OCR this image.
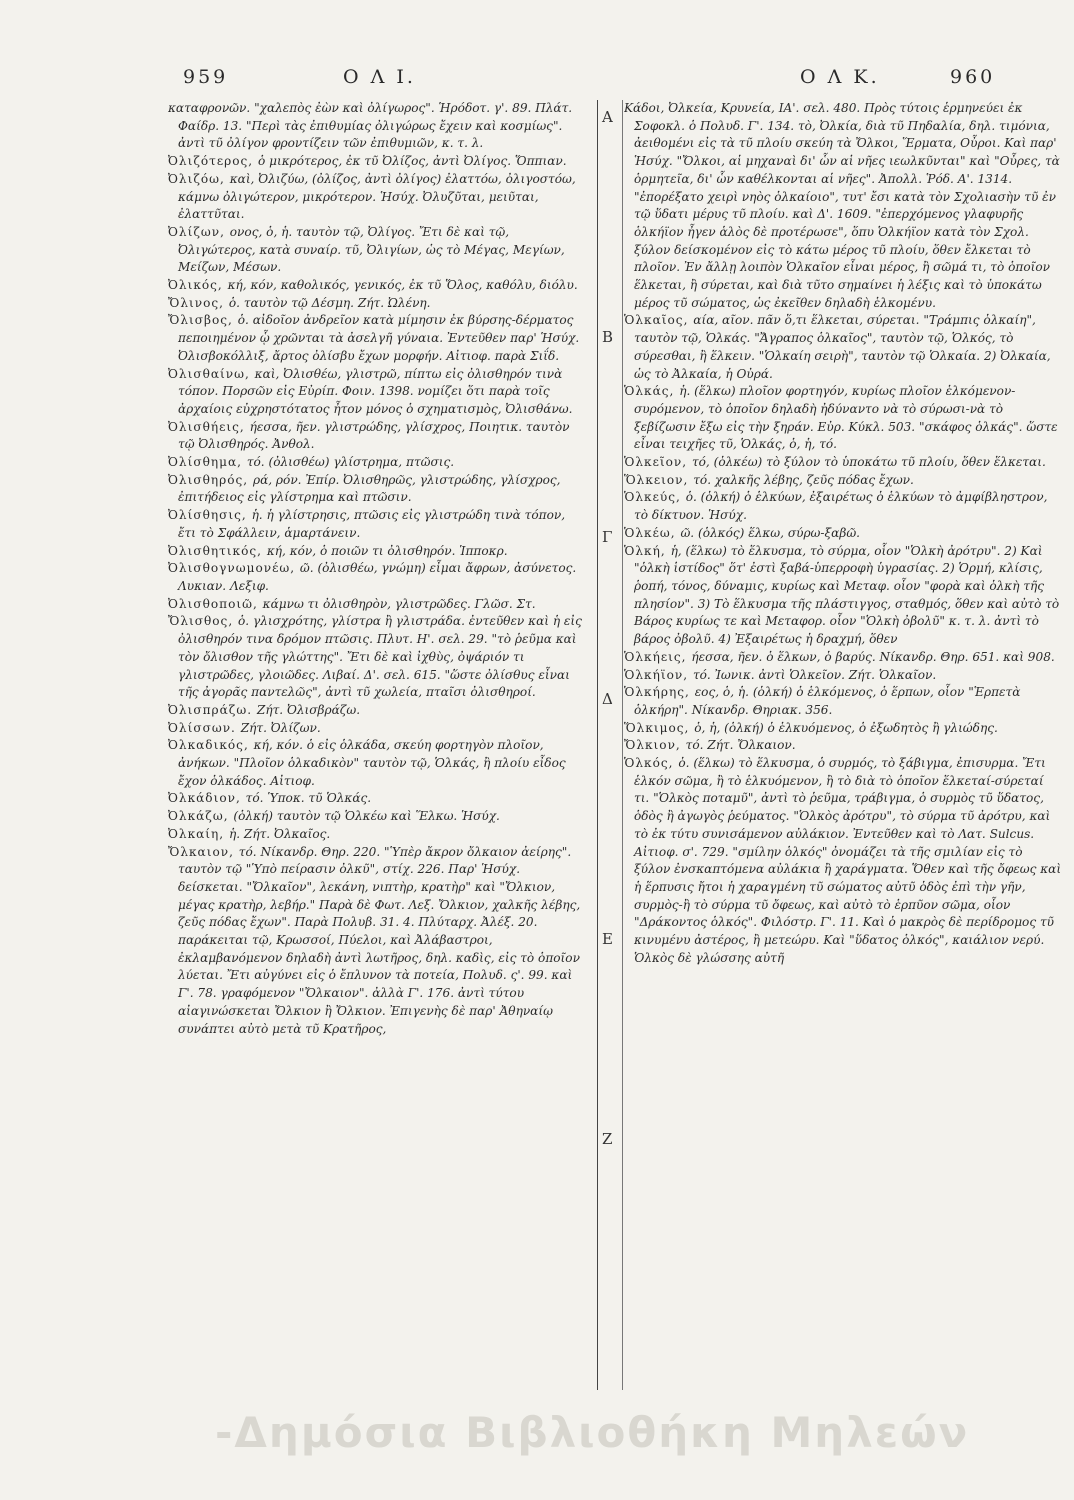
959	Ο Λ Ι.	Ο Λ Κ.	960

καταφρονῶν. "χαλεπὸς ἐὼν καὶ ὀλίγωρος". Ἡρόδοτ. γ'. 89. Πλάτ. Φαίδρ. 13. "Περὶ τὰς ἐπιθυμίας ὀλιγώρως ἔχειν καὶ κοσμίως". ἀντὶ τῦ ὀλίγον φροντίζειν τῶν ἐπιθυμιῶν, κ. τ. λ.

Ὀλιζότερος, ὁ μικρότερος, ἐκ τῦ Ὀλίζος, ἀντὶ Ὀλίγος. Ὅππιαν.

Ὀλιζόω, καὶ, Ὀλιζύω, (ὀλίζος, ἀντὶ ὀλίγος) ἐλαττόω, ὀλιγοστόω, κάμνω ὀλιγώτερον, μικρότερον. Ἡσύχ. Ὀλυζῦται, μειῦται, ἐλαττῦται.

Ὀλίζων, ονος, ὁ, ἡ. ταυτὸν τῷ, Ὀλίγος. Ἔτι δὲ καὶ τῷ, Ὀλιγώτερος, κατὰ συναίρ. τῦ, Ὀλιγίων, ὡς τὸ Μέγας, Μεγίων, Μείζων, Μέσων.

Ὀλικός, κή, κόν, καθολικός, γενικός, ἐκ τῦ Ὅλος, καθόλυ, διόλυ.

Ὄλινος, ὁ. ταυτὸν τῷ Δέσμη. Ζήτ. Ὠλένη.

Ὄλισβος, ὁ. αἰδοῖον ἀνδρεῖον κατὰ μίμησιν ἐκ βύρσης-δέρματος πεποιημένον ᾧ χρῶνται τὰ ἀσελγῆ γύναια. Ἐντεῦθεν παρ' Ἡσύχ. Ὀλισβοκόλλιξ, ἄρτος ὀλίσβυ ἔχων μορφήν. Αἰτιοφ. παρὰ Σιΐδ.

Ὀλισθαίνω, καὶ, Ὀλισθέω, γλιστρῶ, πίπτω εἰς ὀλισθηρόν τινὰ τόπον. Πορσῶν εἰς Εὐρίπ. Φοιν. 1398. νομίζει ὅτι παρὰ τοῖς ἀρχαίοις εὐχρηστότατος ἦτον μόνος ὁ σχηματισμὸς, Ὀλισθάνω.

Ὀλισθήεις, ήεσσα, ῆεν. γλιστρώδης, γλίσχρος, Ποιητικ. ταυτὸν τῷ Ὀλισθηρός. Ἀνθολ.

Ὀλίσθημα, τό. (ὀλισθέω) γλίστρημα, πτῶσις.

Ὀλισθηρός, ρά, ρόν. Ἐπίρ. Ὀλισθηρῶς, γλιστρώδης, γλίσχρος, ἐπιτήδειος εἰς γλίστρημα καὶ πτῶσιν.

Ὀλίσθησις, ἡ. ἡ γλίστρησις, πτῶσις εἰς γλιστρώδη τινὰ τόπον, ἔτι τὸ Σφάλλειν, ἁμαρτάνειν.

Ὀλισθητικός, κή, κόν, ὁ ποιῶν τι ὀλισθηρόν. Ἱπποκρ.

Ὀλισθογνωμονέω, ῶ. (ὀλισθέω, γνώμη) εἶμαι ἄφρων, ἀσύνετος. Λυκιαν. Λεξιφ.

Ὀλισθοποιῶ, κάμνω τι ὀλισθηρὸν, γλιστρῶδες. Γλῶσ. Στ.

Ὄλισθος, ὁ. γλισχρότης, γλίστρα ἢ γλιστράδα. ἐντεῦθεν καὶ ἡ εἰς ὀλισθηρόν τινα δρόμον πτῶσις. Πλυτ. Η'. σελ. 29. "τὸ ῥεῦμα καὶ τὸν ὄλισθον τῆς γλώττης". Ἔτι δὲ καὶ ἰχθὺς, ὀψάριόν τι γλιστρῶδες, γλοιῶδες. Λιβαί. Δ'. σελ. 615. "ὥστε ὀλίσθυς εἶναι τῆς ἀγορᾶς παντελῶς", ἀντὶ τῦ χωλεία, πταῖσι ὀλισθηροί.

Ὀλισπράζω. Ζήτ. Ὀλισβράζω.

Ὀλίσσων. Ζήτ. Ὀλίζων.

Ὀλκαδικός, κή, κόν. ὁ εἰς ὁλκάδα, σκεύη φορτηγὸν πλοῖον, ἀνήκων. "Πλοῖον ὁλκαδικὸν" ταυτὸν τῷ, Ὁλκάς, ἢ πλοίυ εἶδος ἔχον ὁλκάδος. Αἰτιοφ.

Ὀλκάδιον, τό. Ὑποκ. τῦ Ὁλκάς.

Ὀλκάζω, (ὁλκή) ταυτὸν τῷ Ὁλκέω καὶ Ἕλκω. Ἡσύχ.

Ὀλκαίη, ἡ. Ζήτ. Ὀλκαῖος.

Ὄλκαιον, τό. Νίκανδρ. Θηρ. 220. "Ὑπὲρ ἄκρον ὄλκαιον ἀείρης". ταυτὸν τῷ "Ὑπὸ πείρασιν ὀλκῦ", στίχ. 226. Παρ' Ἡσύχ. δείσκεται. "Ὄλκαῖον", λεκάνη, νιπτὴρ, κρατὴρ" καὶ "Ὄλκιον, μέγας κρατὴρ, λεβήρ." Παρὰ δὲ Φωτ. Λεξ. Ὄλκιον, χαλκῆς λέβης, ζεῦς πόδας ἔχων". Παρὰ Πολυβ. 31. 4. Πλύταρχ. Ἀλέξ. 20. παράκειται τῷ, Κρωσσοί, Πύελοι, καὶ Ἀλάβαστροι, ἐκλαμβανόμενον δηλαδὴ ἀντὶ λωτῆρος, δηλ. καδὶς, εἰς τὸ ὁποῖον λύεται. Ἔτι αὐγύνει εἰς ὁ ἔπλυνον τὰ ποτεία, Πολυδ. ς'. 99. καὶ Γ'. 78. γραφόμενον "Ὄλκαιον". ἀλλὰ Γ'. 176. ἀντὶ τύτου αἰαγινώσκεται Ὄλκιον ἢ Ὄλκιον. Ἐπιγενὴς δὲ παρ' Ἀθηναίῳ συνάπτει αὐτὸ μετὰ τῦ Κρατῆρος,

Α
Β
Γ
Δ
Ε
Ζ

Κάδοι, Ὀλκεία, Κρυνεία, ΙΑ'. σελ. 480. Πρὸς τύτοις ἑρμηνεύει ἐκ Σοφοκλ. ὁ Πολυδ. Γ'. 134. τὸ, Ὀλκία, διὰ τῦ Πηδαλία, δηλ. τιμόνια, ἀειθομένι εἰς τὰ τῦ πλοίυ σκεύη τὰ Ὄλκοι, Ἕρματα, Οὖροι. Καὶ παρ' Ἡσύχ. "Ὄλκοι, αἱ μηχαναὶ δι' ὧν αἱ νῆες ιεωλκῦνται" καὶ "Οὖρες, τὰ ὁρμητεῖα, δι' ὧν καθέλκονται αἱ νῆες". Ἀπολλ. Ῥόδ. Α'. 1314. "ἐπορέξατο χειρὶ νηὸς ὁλκαίοιο", τυτ' ἔσι κατὰ τὸν Σχολιασὴν τῦ ἐν τῷ ὕδατι μέρυς τῦ πλοίυ. καὶ Δ'. 1609. "ἐπερχόμενος γλαφυρῆς ὁλκήϊον ἦγεν ἁλὸς δὲ προτέρωσε", ὅπυ Ὁλκήϊον κατὰ τὸν Σχολ. ξύλον δείσκομένον εἰς τὸ κάτω μέρος τῦ πλοίυ, ὅθεν ἔλκεται τὸ πλοῖον. Ἐν ἄλλῃ λοιπὸν Ὁλκαῖον εἶναι μέρος, ἢ σῶμά τι, τὸ ὁποῖον ἕλκεται, ἢ σύρεται, καὶ διὰ τῦτο σημαίνει ἡ λέξις καὶ τὸ ὑποκάτω μέρος τῦ σώματος, ὡς ἐκεῖθεν δηλαδὴ ἑλκομένυ.

Ὁλκαῖος, αία, αῖον. πᾶν ὅ,τι ἕλκεται, σύρεται. "Τράμπις ὁλκαίη", ταυτὸν τῷ, Ὁλκάς. "Ἄγραπος ὁλκαῖος", ταυτὸν τῷ, Ὁλκός, τὸ σύρεσθαι, ἢ ἕλκειν. "Ὁλκαίη σειρὴ", ταυτὸν τῷ Ὁλκαία. 2) Ὀλκαία, ὡς τὸ Ἀλκαία, ἡ Οὐρά.

Ὁλκάς, ἡ. (ἕλκω) πλοῖον φορτηγόν, κυρίως πλοῖον ἑλκόμενον-συρόμενον, τὸ ὁποῖον δηλαδὴ ἠδύναντο νὰ τὸ σύρωσι-νὰ τὸ ξεβίζωσιν ἔξω εἰς τὴν ξηράν. Εὐρ. Κύκλ. 503. "σκάφος ὁλκάς". ὥστε εἶναι τειχῆες τῦ, Ὁλκάς, ὁ, ἡ, τό.

Ὁλκεῖον, τό, (ὁλκέω) τὸ ξύλον τὸ ὑποκάτω τῦ πλοίυ, ὅθεν ἕλκεται.

Ὅλκειον, τό. χαλκῆς λέβης, ζεῦς πόδας ἔχων.

Ὁλκεύς, ὁ. (ὁλκή) ὁ ἑλκύων, ἐξαιρέτως ὁ ἑλκύων τὸ ἀμφίβληστρον, τὸ δίκτυον. Ἡσύχ.

Ὁλκέω, ῶ. (ὁλκός) ἕλκω, σύρω-ξαβῶ.

Ὁλκή, ἡ, (ἕλκω) τὸ ἕλκυσμα, τὸ σύρμα, οἷον "Ὁλκὴ ἀρότρυ". 2) Καὶ "ὁλκὴ ἱστίδος" ὅτ' ἐστὶ ξαβά-ὑπερροφὴ ὑγρασίας. 2) Ὁρμή, κλίσις, ῥοπή, τόνος, δύναμις, κυρίως καὶ Μεταφ. οἷον "φορὰ καὶ ὁλκὴ τῆς πλησίον". 3) Τὸ ἕλκυσμα τῆς πλάστιγγος, σταθμός, ὅθεν καὶ αὐτὸ τὸ Βάρος κυρίως τε καὶ Μεταφορ. οἷον "Ὁλκὴ ὀβολῦ" κ. τ. λ. ἀντὶ τὸ βάρος ὀβολῦ. 4) Ἐξαιρέτως ἡ δραχμή, ὅθεν

Ὁλκήεις, ήεσσα, ῆεν. ὁ ἕλκων, ὁ βαρύς. Νίκανδρ. Θηρ. 651. καὶ 908.

Ὁλκήϊον, τό. Ἰωνικ. ἀντὶ Ὁλκεῖον. Ζήτ. Ὁλκαῖον.

Ὁλκήρης, εος, ὁ, ἡ. (ὁλκή) ὁ ἑλκόμενος, ὁ ἕρπων, οἷον "Ἑρπετὰ ὁλκήρη". Νίκανδρ. Θηριακ. 356.

Ὅλκιμος, ὁ, ἡ, (ὁλκή) ὁ ἑλκυόμενος, ὁ ἐξωδητὸς ἢ γλιώδης.

Ὄλκιον, τό. Ζήτ. Ὄλκαιον.

Ὁλκός, ὁ. (ἕλκω) τὸ ἕλκυσμα, ὁ συρμός, τὸ ξάβιγμα, ἐπισυρμα. Ἔτι ἑλκόν σῶμα, ἢ τὸ ἑλκυόμενον, ἢ τὸ διὰ τὸ ὁποῖον ἕλκεταί-σύρεταί τι. "Ὁλκὸς ποταμῦ", ἀντὶ τὸ ῥεῦμα, τράβιγμα, ὁ συρμὸς τῦ ὕδατος, ὁδὸς ἢ ἀγωγὸς ῥεύματος. "Ὁλκὸς ἀρότρυ", τὸ σύρμα τῦ ἀρότρυ, καὶ τὸ ἐκ τύτυ συνισάμενον αὐλάκιον. Ἐντεῦθεν καὶ τὸ Λατ. Sulcus. Αἰτιοφ. σ'. 729. "σμίλην ὁλκός" ὀνομάζει τὰ τῆς σμιλίαν εἰς τὸ ξύλον ἐνσκαπτόμενα αὐλάκια ἢ χαράγματα. Ὅθεν καὶ τῆς ὄφεως καὶ ἡ ἕρπυσις ἤτοι ἡ χαραγμένη τῦ σώματος αὐτῦ ὁδὸς ἐπὶ τὴν γῆν, συρμὸς-ἢ τὸ σύρμα τῦ ὄφεως, καὶ αὐτὸ τὸ ἑρπῦον σῶμα, οἷον "Δράκοντος ὁλκός". Φιλόστρ. Γ'. 11. Καὶ ὁ μακρὸς δὲ περίδρομος τῦ κινυμένυ ἀστέρος, ἢ μετεώρυ. Καὶ "ὕδατος ὁλκός", καιάλιον νερύ. Ὁλκὸς δὲ γλώσσης αὐτῆ

-Δημόσια Βιβλιοθήκη Μηλεών
